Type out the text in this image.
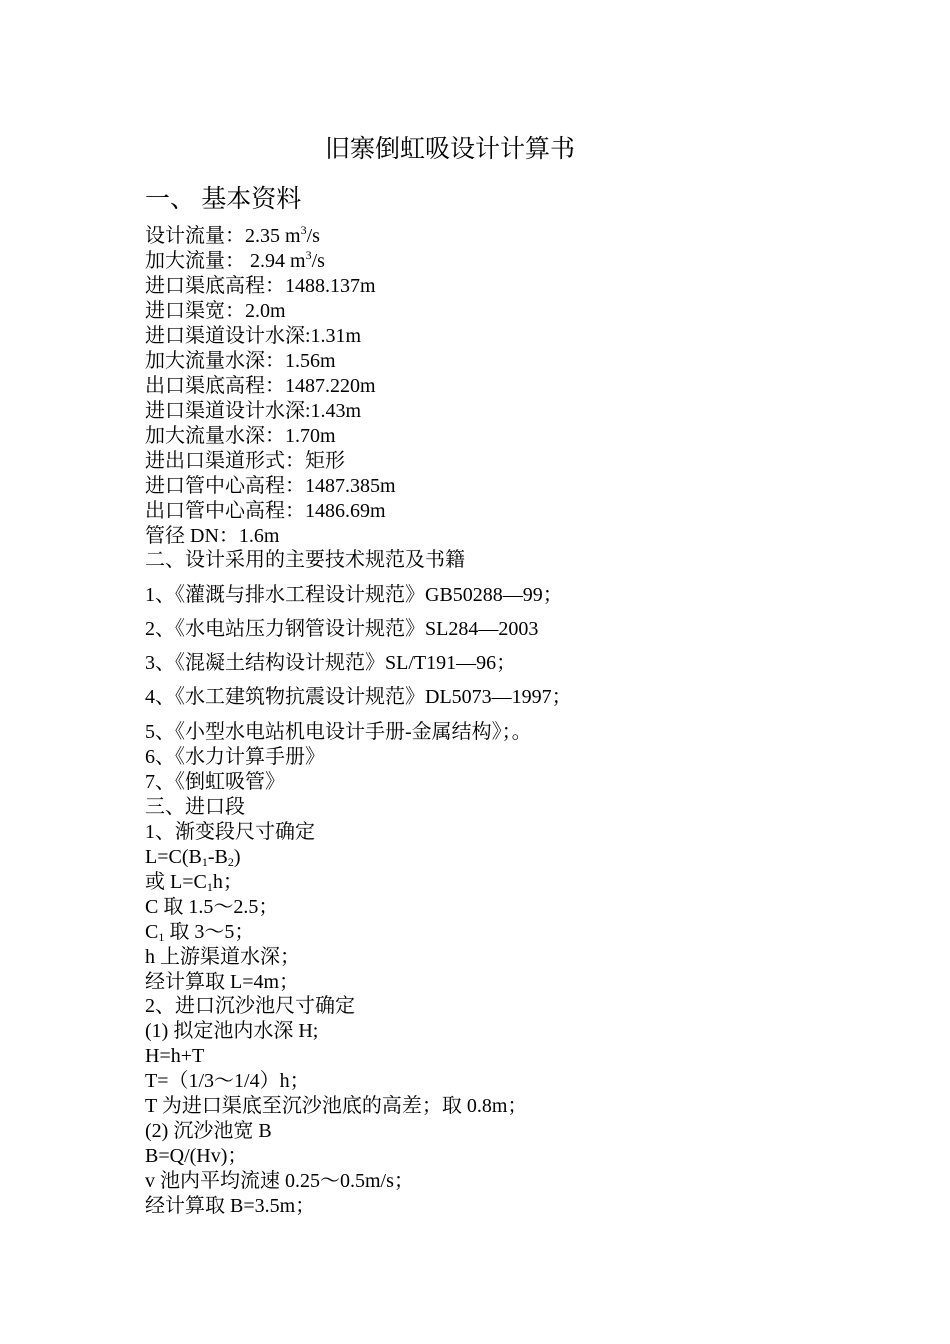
旧寨倒虹吸设计计算书
一、 基本资料
设计流量：2.35 $m^3/s$
加大流量： 2.94 $m^3/s$
进口渠底高程：1488.137m
进口渠宽：2.0m
进口渠道设计水深:1.31m
加大流量水深：1.56m
出口渠底高程：1487.220m
进口渠道设计水深:1.43m
加大流量水深：1.70m
进出口渠道形式：矩形
进口管中心高程：1487.385m
出口管中心高程：1486.69m
管径 DN：1.6m
二、设计采用的主要技术规范及书籍
1、《灌溉与排水工程设计规范》GB50288—99；
2、《水电站压力钢管设计规范》SL284—2003
3、《混凝土结构设计规范》SL/T191—96；
4、《水工建筑物抗震设计规范》DL5073—1997；
5、《小型水电站机电设计手册-金属结构》；。
6、《水力计算手册》
7、《倒虹吸管》
三、进口段
1、渐变段尺寸确定
$L=C(B_1-B_2)$
或 $L=C_1h$；
C 取 1.5～2.5；
$C_1$ 取 3～5；
h 上游渠道水深；
经计算取 L=4m；
2、进口沉沙池尺寸确定
(1) 拟定池内水深 H;
H=h+T
T=（1/3～1/4）h；
T 为进口渠底至沉沙池底的高差；取 0.8m；
(2) 沉沙池宽 B
B=Q/(Hv)；
v 池内平均流速 0.25～0.5m/s；
经计算取 B=3.5m；
